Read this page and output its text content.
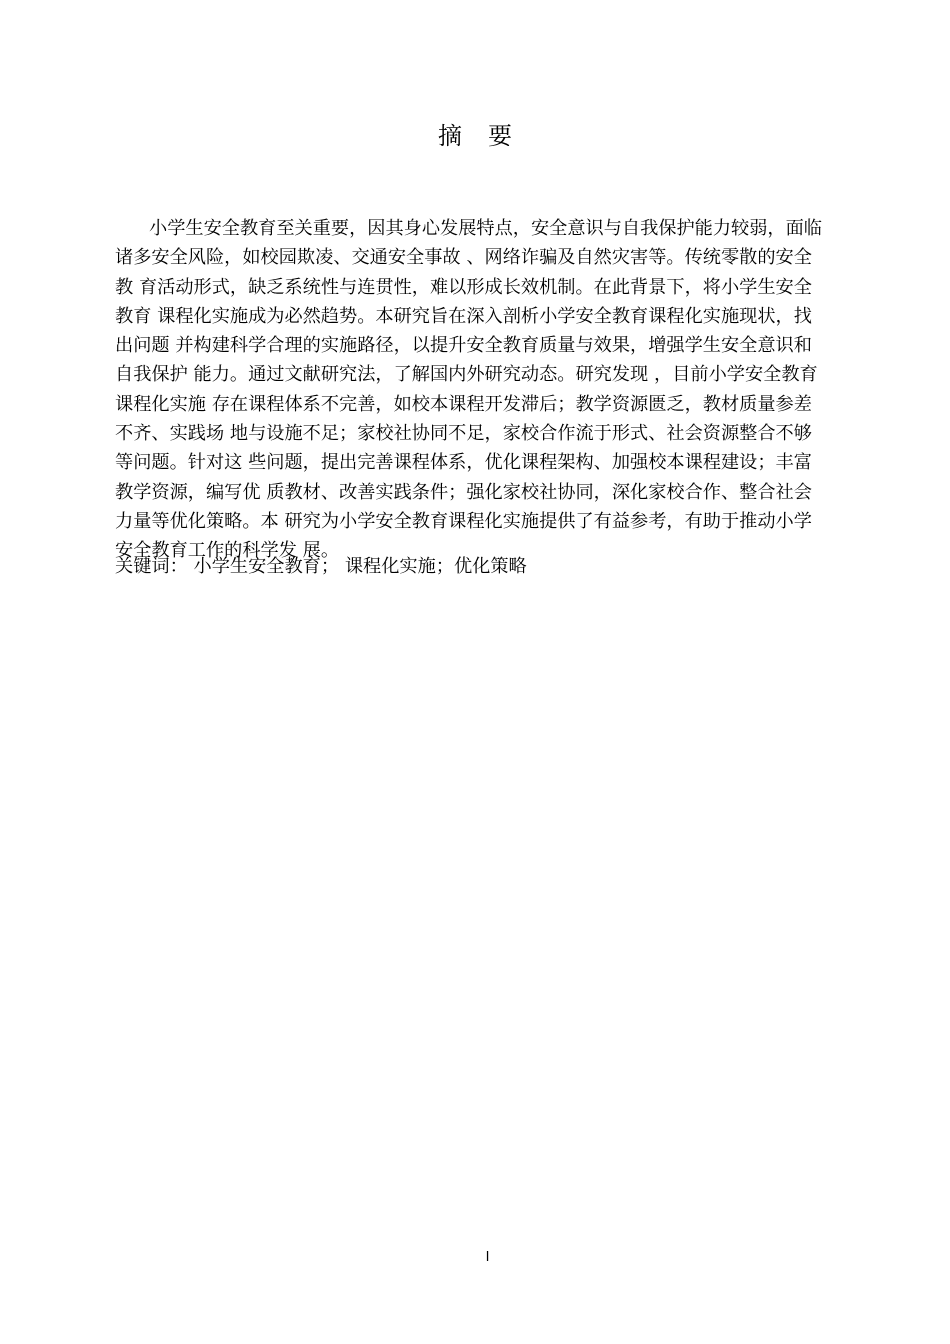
摘 要
小学生安全教育至关重要，因其身心发展特点，安全意识与自我保护能力较弱，面临
诸多安全风险，如校园欺凌、交通安全事故 、网络诈骗及自然灾害等。传统零散的安全
教 育活动形式，缺乏系统性与连贯性，难以形成长效机制。在此背景下，将小学生安全
教育 课程化实施成为必然趋势。本研究旨在深入剖析小学安全教育课程化实施现状，找
出问题 并构建科学合理的实施路径，以提升安全教育质量与效果，增强学生安全意识和
自我保护 能力。通过文献研究法，了解国内外研究动态。研究发现 ，目前小学安全教育
课程化实施 存在课程体系不完善，如校本课程开发滞后；教学资源匮乏，教材质量参差
不齐、实践场 地与设施不足；家校社协同不足，家校合作流于形式、社会资源整合不够
等问题。针对这 些问题，提出完善课程体系，优化课程架构、加强校本课程建设；丰富
教学资源，编写优 质教材、改善实践条件；强化家校社协同，深化家校合作、整合社会
力量等优化策略。本 研究为小学安全教育课程化实施提供了有益参考，有助于推动小学
安全教育工作的科学发 展。
关键词： 小学生安全教育； 课程化实施；优化策略
I
